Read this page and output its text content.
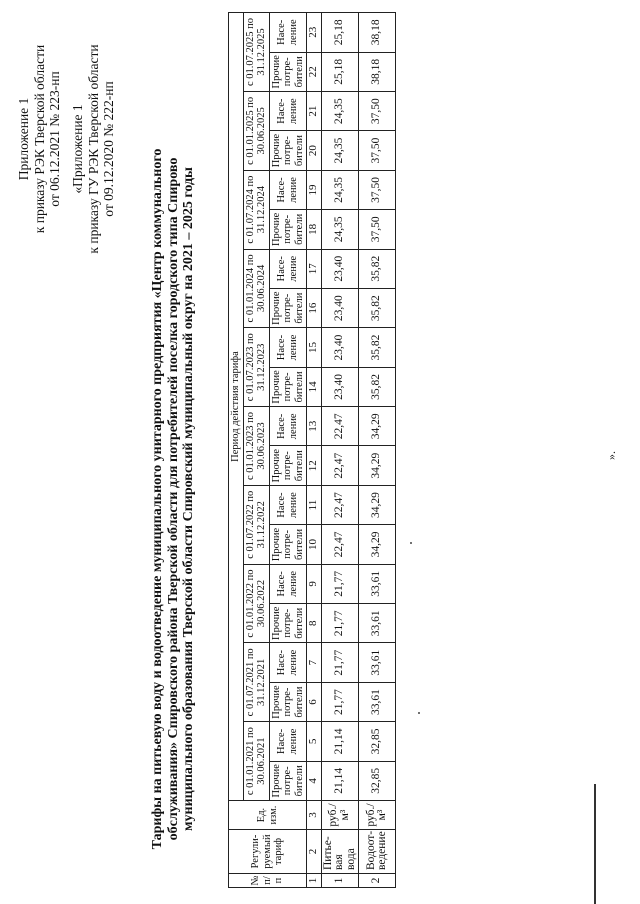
Приложение 1 к приказу РЭК Тверской области от 06.12.2021 № 223-нп «Приложение 1 к приказу ГУ РЭК Тверской области от 09.12.2020 № 222-нп Тарифы на питьевую воду и водоотведение муниципального унитарного предприятия «Центр коммунального обслуживания» Спировского района Тверской области для потребителей поселка городского типа Спирово муниципального образования Тверской области Спировский муниципальный округ на 2021 – 2025 годы
№ п/п	Регули-руемый тариф	Ед. изм.	Период действия тарифа																			
			с 01.01.2021 по 30.06.2021		с 01.07.2021 по 31.12.2021		с 01.01.2022 по 30.06.2022		с 01.07.2022 по 31.12.2022		с 01.01.2023 по 30.06.2023		с 01.07.2023 по 31.12.2023		с 01.01.2024 по 30.06.2024		с 01.07.2024 по 31.12.2024		с 01.01.2025 по 30.06.2025		с 01.07.2025 по 31.12.2025	
			Прочие потре-бители	Насе-ление	Прочие потре-бители	Насе-ление	Прочие потре-бители	Насе-ление	Прочие потре-бители	Насе-ление	Прочие потре-бители	Насе-ление	Прочие потре-бители	Насе-ление	Прочие потре-бители	Насе-ление	Прочие потре-бители	Насе-ление	Прочие потре-бители	Насе-ление	Прочие потре-бители	Насе-ление
1	2	3	4	5	6	7	8	9	10	11	12	13	14	15	16	17	18	19	20	21	22	23
1	Питье-вая вода	руб./м³	21,14	21,14	21,77	21,77	21,77	21,77	22,47	22,47	22,47	22,47	23,40	23,40	23,40	23,40	24,35	24,35	24,35	24,35	25,18	25,18
2	Водоот-ведение	руб./м³	32,85	32,85	33,61	33,61	33,61	33,61	34,29	34,29	34,29	34,29	35,82	35,82	35,82	35,82	37,50	37,50	37,50	37,50	38,18	38,18
».
